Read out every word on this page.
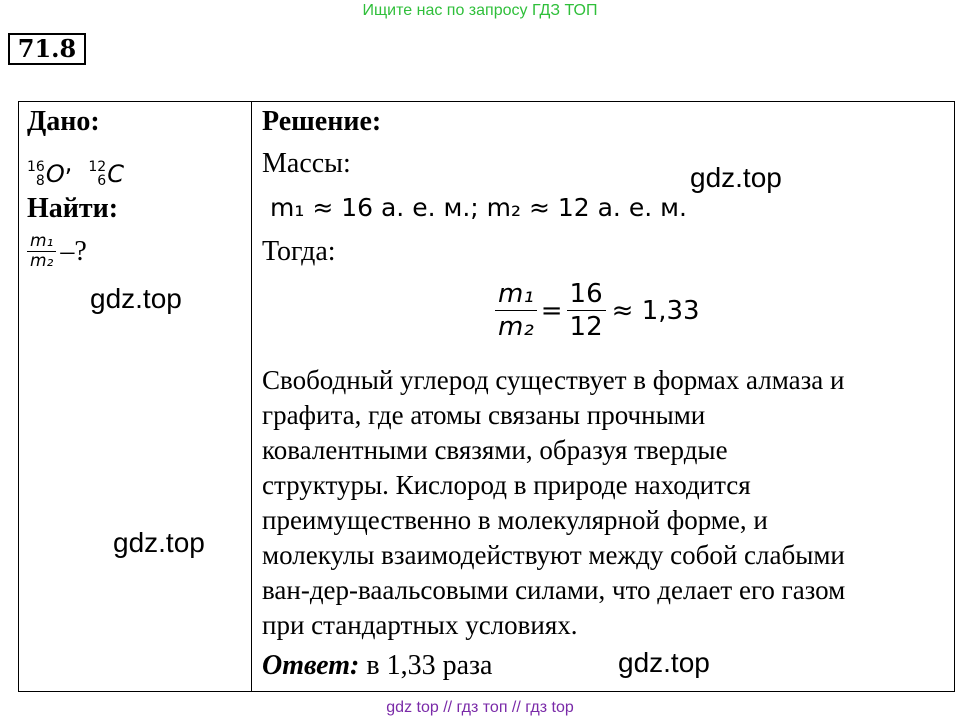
Ищите нас по запросу ГДЗ ТОП
71.8
Дано:
16
8 O , 12
6 C
Найти:
$\frac{\text{m₁}}{\text{m₂}}$ –?
Решение:
Массы:
m₁ ≈ 16 а. е. м.; m₂ ≈ 12 а. е. м.
Тогда:
$\frac{\text{m₁}}{\text{m₂}} = \frac{16}{12} \approx 1,33$
Свободный углерод существует в формах алмаза и
графита, где атомы связаны прочными
ковалентными связями, образуя твердые
структуры. Кислород в природе находится
преимущественно в молекулярной форме, и
молекулы взаимодействуют между собой слабыми
ван-дер-ваальсовыми силами, что делает его газом
при стандартных условиях.
Ответ: в 1,33 раза
gdz.top
gdz.top
gdz.top
gdz.top
gdz top // гдз топ // гдз top
